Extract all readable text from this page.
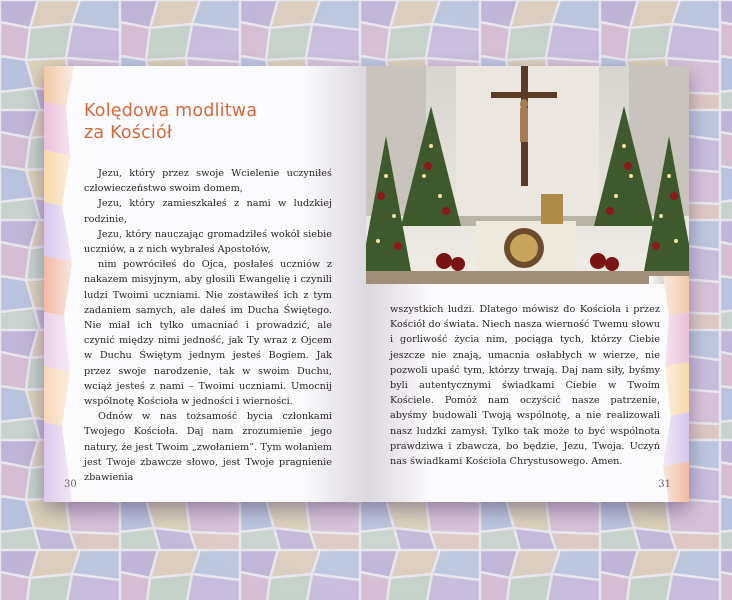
Kolędowa modlitwa
za Kościół

Jezu, który przez swoje Wcielenie uczyniłeś człowieczeństwo swoim domem,

Jezu, który zamieszkałeś z nami w ludzkiej rodzinie,

Jezu, który nauczając gromadziłeś wokół siebie uczniów, a z nich wybrałeś Apostołów,

nim powróciłeś do Ojca, posłałeś uczniów z nakazem misyjnym, aby głosili Ewangelię i czynili ludzi Twoimi uczniami. Nie zostawiłeś ich z tym zadaniem samych, ale dałeś im Ducha Świętego. Nie miał ich tylko umacniać i prowadzić, ale czynić między nimi jedność, jak Ty wraz z Ojcem w Duchu Świętym jednym jesteś Bogiem. Jak przez swoje narodzenie, tak w swoim Duchu, wciąż jesteś z nami – Twoimi uczniami. Umocnij wspólnotę Kościoła w jedności i wierności.

Odnów w nas tożsamość bycia członkami Twojego Kościoła. Daj nam zrozumienie jego natury, że jest Twoim „zwołaniem”. Tym wołaniem jest Twoje zbawcze słowo, jest Twoje pragnienie zbawienia

30

wszystkich ludzi. Dlatego mówisz do Kościoła i przez Kościół do świata. Niech nasza wierność Twemu słowu i gorliwość życia nim, pociąga tych, którzy Ciebie jeszcze nie znają, umacnia osłabłych w wierze, nie pozwoli upaść tym, którzy trwają. Daj nam siły, byśmy byli autentycznymi świadkami Ciebie w Twoim Kościele. Pomóż nam oczyścić nasze patrzenie, abyśmy budowali Twoją wspólnotę, a nie realizowali nasz ludzki zamysł. Tylko tak może to być wspólnota prawdziwa i zbawcza, bo będzie, Jezu, Twoja. Uczyń nas świadkami Kościoła Chrystusowego. Amen.

31
